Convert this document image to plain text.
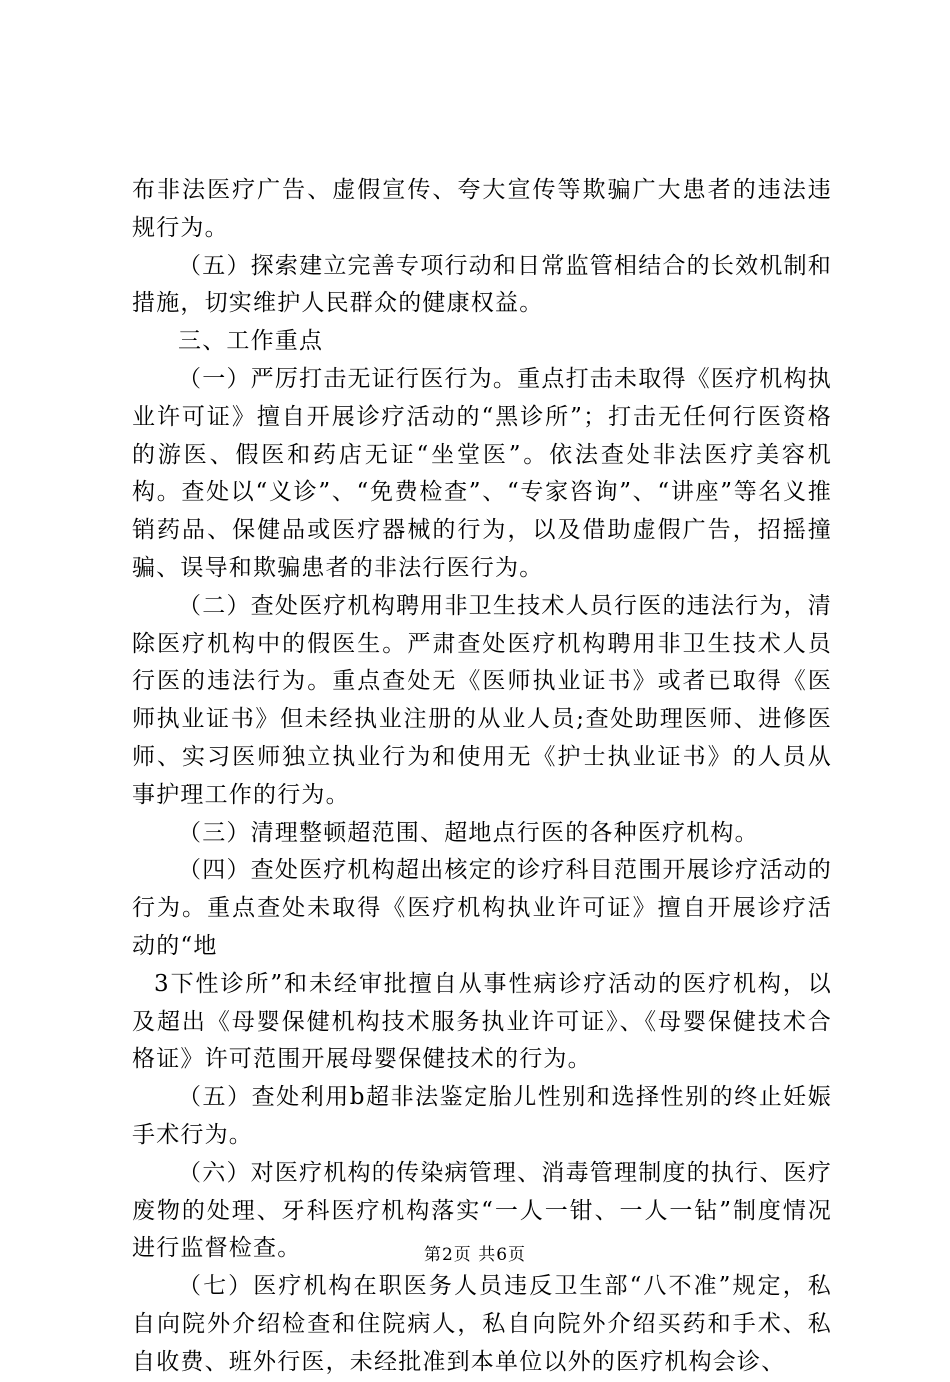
布非法医疗广告、虚假宣传、夸大宣传等欺骗广大患者的违法违规行为。

（五）探索建立完善专项行动和日常监管相结合的长效机制和措施，切实维护人民群众的健康权益。

三、工作重点

（一）严厉打击无证行医行为。重点打击未取得《医疗机构执业许可证》擅自开展诊疗活动的“黑诊所”；打击无任何行医资格的游医、假医和药店无证“坐堂医”。依法查处非法医疗美容机构。查处以“义诊”、“免费检查”、“专家咨询”、“讲座”等名义推销药品、保健品或医疗器械的行为，以及借助虚假广告，招摇撞骗、误导和欺骗患者的非法行医行为。

（二）查处医疗机构聘用非卫生技术人员行医的违法行为，清除医疗机构中的假医生。严肃查处医疗机构聘用非卫生技术人员行医的违法行为。重点查处无《医师执业证书》或者已取得《医师执业证书》但未经执业注册的从业人员;查处助理医师、进修医师、实习医师独立执业行为和使用无《护士执业证书》的人员从事护理工作的行为。

（三）清理整顿超范围、超地点行医的各种医疗机构。

（四）查处医疗机构超出核定的诊疗科目范围开展诊疗活动的行为。重点查处未取得《医疗机构执业许可证》擅自开展诊疗活动的“地

3下性诊所”和未经审批擅自从事性病诊疗活动的医疗机构，以及超出《母婴保健机构技术服务执业许可证》、《母婴保健技术合格证》许可范围开展母婴保健技术的行为。

（五）查处利用b超非法鉴定胎儿性别和选择性别的终止妊娠手术行为。

（六）对医疗机构的传染病管理、消毒管理制度的执行、医疗废物的处理、牙科医疗机构落实“一人一钳、一人一钻”制度情况进行监督检查。

（七）医疗机构在职医务人员违反卫生部“八不准”规定，私自向院外介绍检查和住院病人，私自向院外介绍买药和手术、私自收费、班外行医，未经批准到本单位以外的医疗机构会诊、

第2页 共6页
